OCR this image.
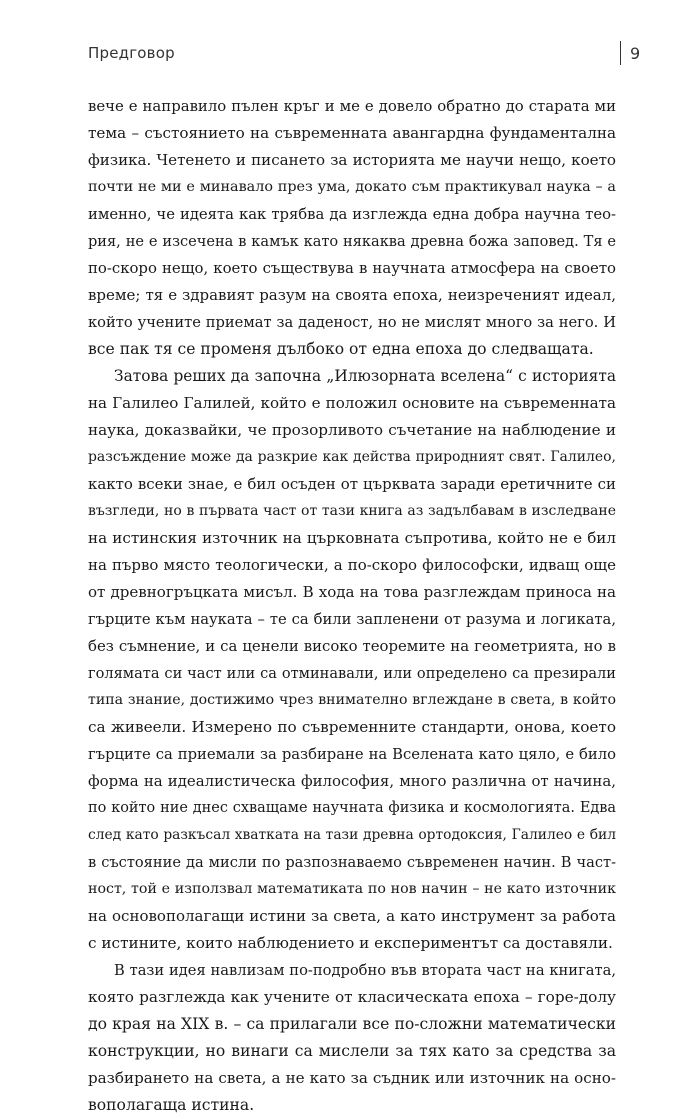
Предговор	9
вече е направило пълен кръг и ме е довело обратно до старата ми
тема – състоянието на съвременната авангардна фундаментална
физика. Четенето и писането за историята ме научи нещо, което
почти не ми е минавало през ума, докато съм практикувал наука – а
именно, че идеята как трябва да изглежда една добра научна тео-
рия, не е изсечена в камък като някаква древна божа заповед. Тя е
по-скоро нещо, което съществува в научната атмосфера на своето
време; тя е здравият разум на своята епоха, неизреченият идеал,
който учените приемат за даденост, но не мислят много за него. И
все пак тя се променя дълбоко от една епоха до следващата.
Затова реших да започна „Илюзорната вселена“ с историята
на Галилео Галилей, който е положил основите на съвременната
наука, доказвайки, че прозорливото съчетание на наблюдение и
разсъждение може да разкрие как действа природният свят. Галилео,
както всеки знае, е бил осъден от църквата заради еретичните си
възгледи, но в първата част от тази книга аз задълбавам в изследване
на истинския източник на църковната съпротива, който не е бил
на първо място теологически, а по-скоро философски, идващ още
от древногръцката мисъл. В хода на това разглеждам приноса на
гърците към науката – те са били запленени от разума и логиката,
без съмнение, и са ценели високо теоремите на геометрията, но в
голямата си част или са отминавали, или определено са презирали
типа знание, достижимо чрез внимателно вглеждане в света, в който
са живеели. Измерено по съвременните стандарти, онова, което
гърците са приемали за разбиране на Вселената като цяло, е било
форма на идеалистическа философия, много различна от начина,
по който ние днес схващаме научната физика и космологията. Едва
след като разкъсал хватката на тази древна ортодоксия, Галилео е бил
в състояние да мисли по разпознаваемо съвременен начин. В част-
ност, той е използвал математиката по нов начин – не като източник
на основополагащи истини за света, а като инструмент за работа
с истините, които наблюдението и експериментът са доставяли.
В тази идея навлизам по-подробно във втората част на книгата,
която разглежда как учените от класическата епоха – горе-долу
до края на XIX в. – са прилагали все по-сложни математически
конструкции, но винаги са мислели за тях като за средства за
разбирането на света, а не като за съдник или източник на осно-
вополагаща истина.
